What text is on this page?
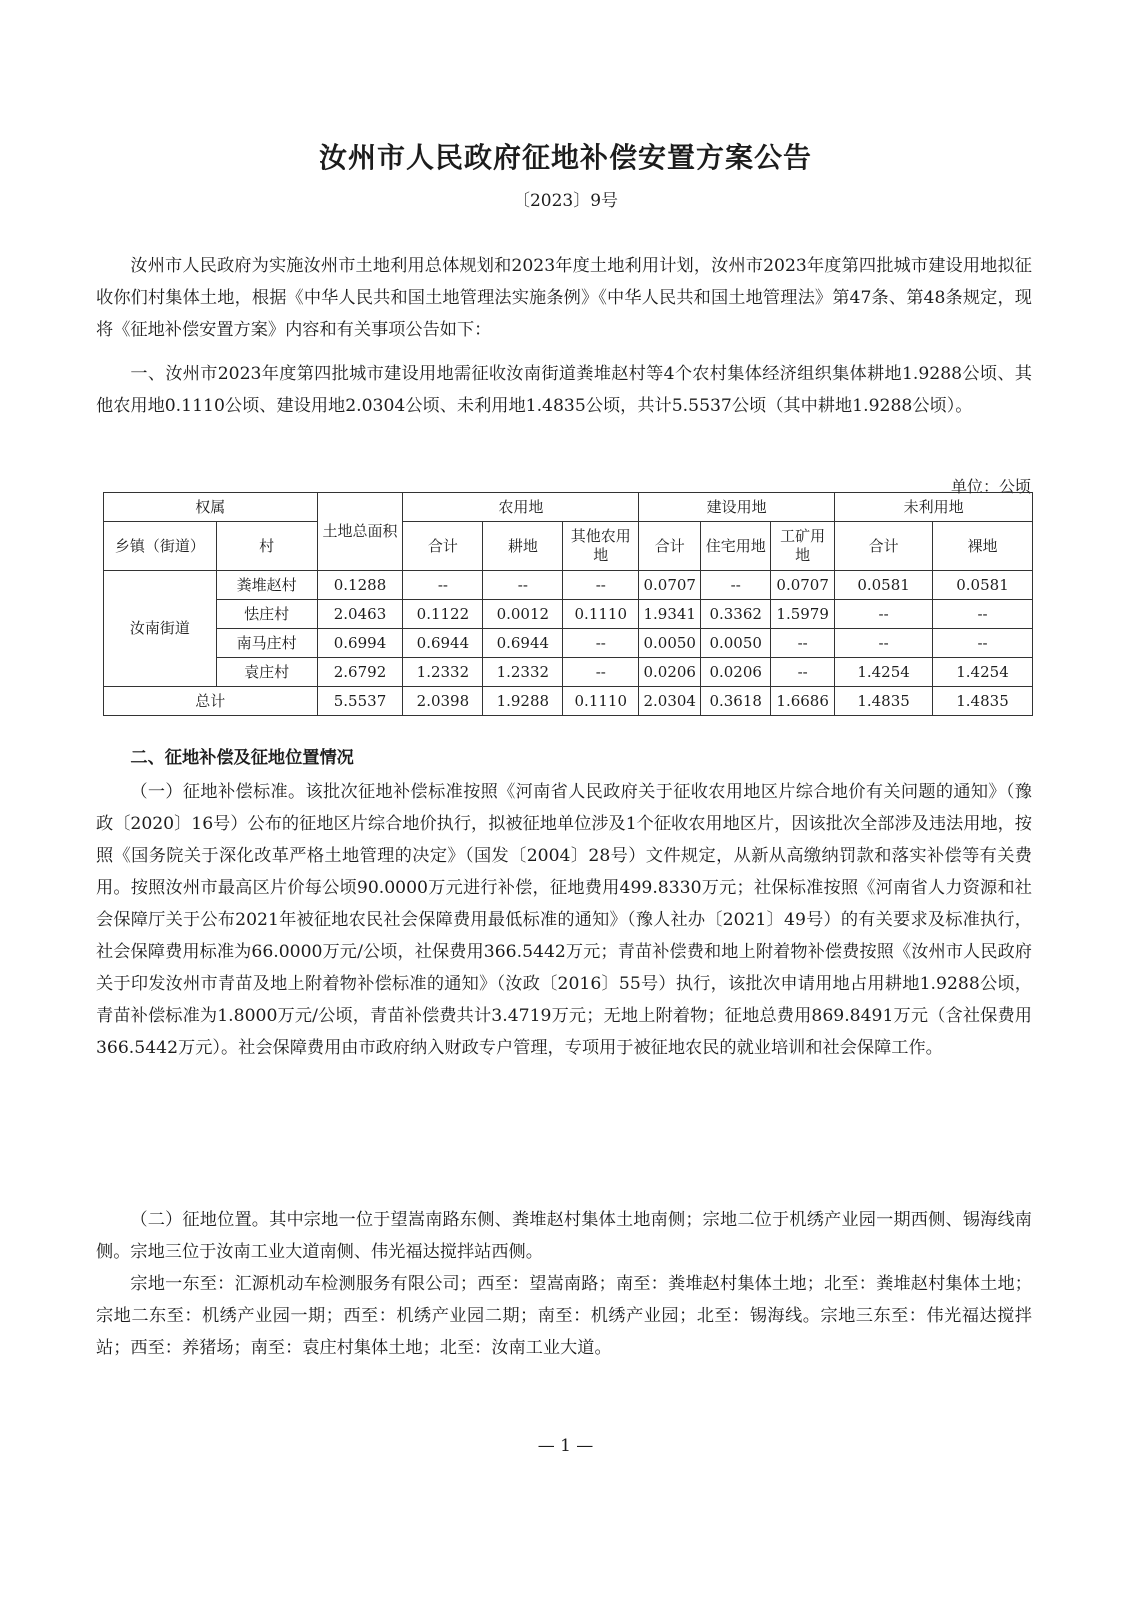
汝州市人民政府征地补偿安置方案公告
〔2023〕9号

汝州市人民政府为实施汝州市土地利用总体规划和2023年度土地利用计划，汝州市2023年度第四批城市建设用地拟征收你们村集体土地，根据《中华人民共和国土地管理法实施条例》《中华人民共和国土地管理法》第47条、第48条规定，现将《征地补偿安置方案》内容和有关事项公告如下：

一、汝州市2023年度第四批城市建设用地需征收汝南街道粪堆赵村等4个农村集体经济组织集体耕地1.9288公顷、其他农用地0.1110公顷、建设用地2.0304公顷、未利用地1.4835公顷，共计5.5537公顷（其中耕地1.9288公顷）。

单位：公顷
权属		土地总面积	农用地			建设用地			未利用地	
乡镇（街道）	村		合计	耕地	其他农用地	合计	住宅用地	工矿用地	合计	裸地
汝南街道	粪堆赵村	0.1288	--	--	--	0.0707	--	0.0707	0.0581	0.0581
	怯庄村	2.0463	0.1122	0.0012	0.1110	1.9341	0.3362	1.5979	--	--
	南马庄村	0.6994	0.6944	0.6944	--	0.0050	0.0050	--	--	--
	袁庄村	2.6792	1.2332	1.2332	--	0.0206	0.0206	--	1.4254	1.4254
总计		5.5537	2.0398	1.9288	0.1110	2.0304	0.3618	1.6686	1.4835	1.4835
二、征地补偿及征地位置情况

（一）征地补偿标准。该批次征地补偿标准按照《河南省人民政府关于征收农用地区片综合地价有关问题的通知》（豫政〔2020〕16号）公布的征地区片综合地价执行，拟被征地单位涉及1个征收农用地区片，因该批次全部涉及违法用地，按照《国务院关于深化改革严格土地管理的决定》（国发〔2004〕28号）文件规定，从新从高缴纳罚款和落实补偿等有关费用。按照汝州市最高区片价每公顷90.0000万元进行补偿，征地费用499.8330万元；社保标准按照《河南省人力资源和社会保障厅关于公布2021年被征地农民社会保障费用最低标准的通知》（豫人社办〔2021〕49号）的有关要求及标准执行，社会保障费用标准为66.0000万元/公顷，社保费用366.5442万元；青苗补偿费和地上附着物补偿费按照《汝州市人民政府关于印发汝州市青苗及地上附着物补偿标准的通知》（汝政〔2016〕55号）执行，该批次申请用地占用耕地1.9288公顷，青苗补偿标准为1.8000万元/公顷，青苗补偿费共计3.4719万元；无地上附着物；征地总费用869.8491万元（含社保费用366.5442万元）。社会保障费用由市政府纳入财政专户管理，专项用于被征地农民的就业培训和社会保障工作。

（二）征地位置。其中宗地一位于望嵩南路东侧、粪堆赵村集体土地南侧；宗地二位于机绣产业园一期西侧、锡海线南侧。宗地三位于汝南工业大道南侧、伟光福达搅拌站西侧。

宗地一东至：汇源机动车检测服务有限公司；西至：望嵩南路；南至：粪堆赵村集体土地；北至：粪堆赵村集体土地；宗地二东至：机绣产业园一期；西至：机绣产业园二期；南至：机绣产业园；北至：锡海线。宗地三东至：伟光福达搅拌站；西至：养猪场；南至：袁庄村集体土地；北至：汝南工业大道。

— 1 —
